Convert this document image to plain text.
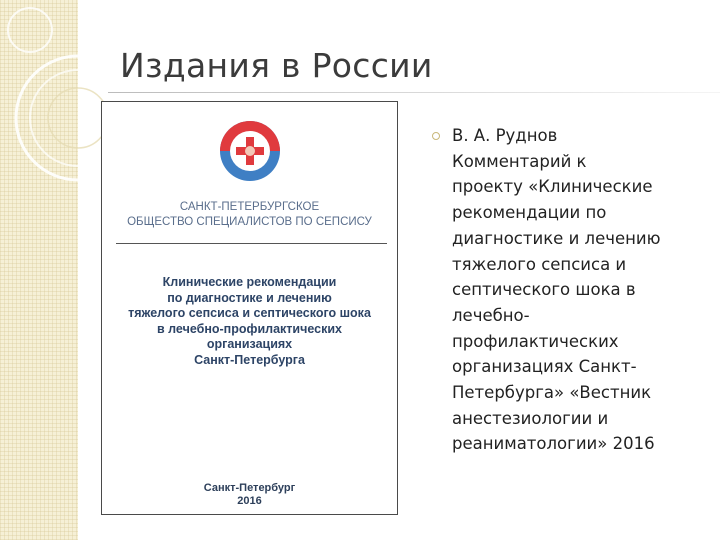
Издания в России
САНКТ-ПЕТЕРБУРГСКОЕ
ОБЩЕСТВО СПЕЦИАЛИСТОВ ПО СЕПСИСУ
Клинические рекомендации
по диагностике и лечению
тяжелого сепсиса и септического шока
в лечебно-профилактических организациях
Санкт-Петербурга
Санкт-Петербург
2016
В. А. Руднов
Комментарий к
проекту «Клинические
рекомендации по
диагностике и лечению
тяжелого сепсиса и
септического шока в
лечебно-
профилактических
организациях Санкт-
Петербурга» «Вестник
анестезиологии и
реаниматологии» 2016
